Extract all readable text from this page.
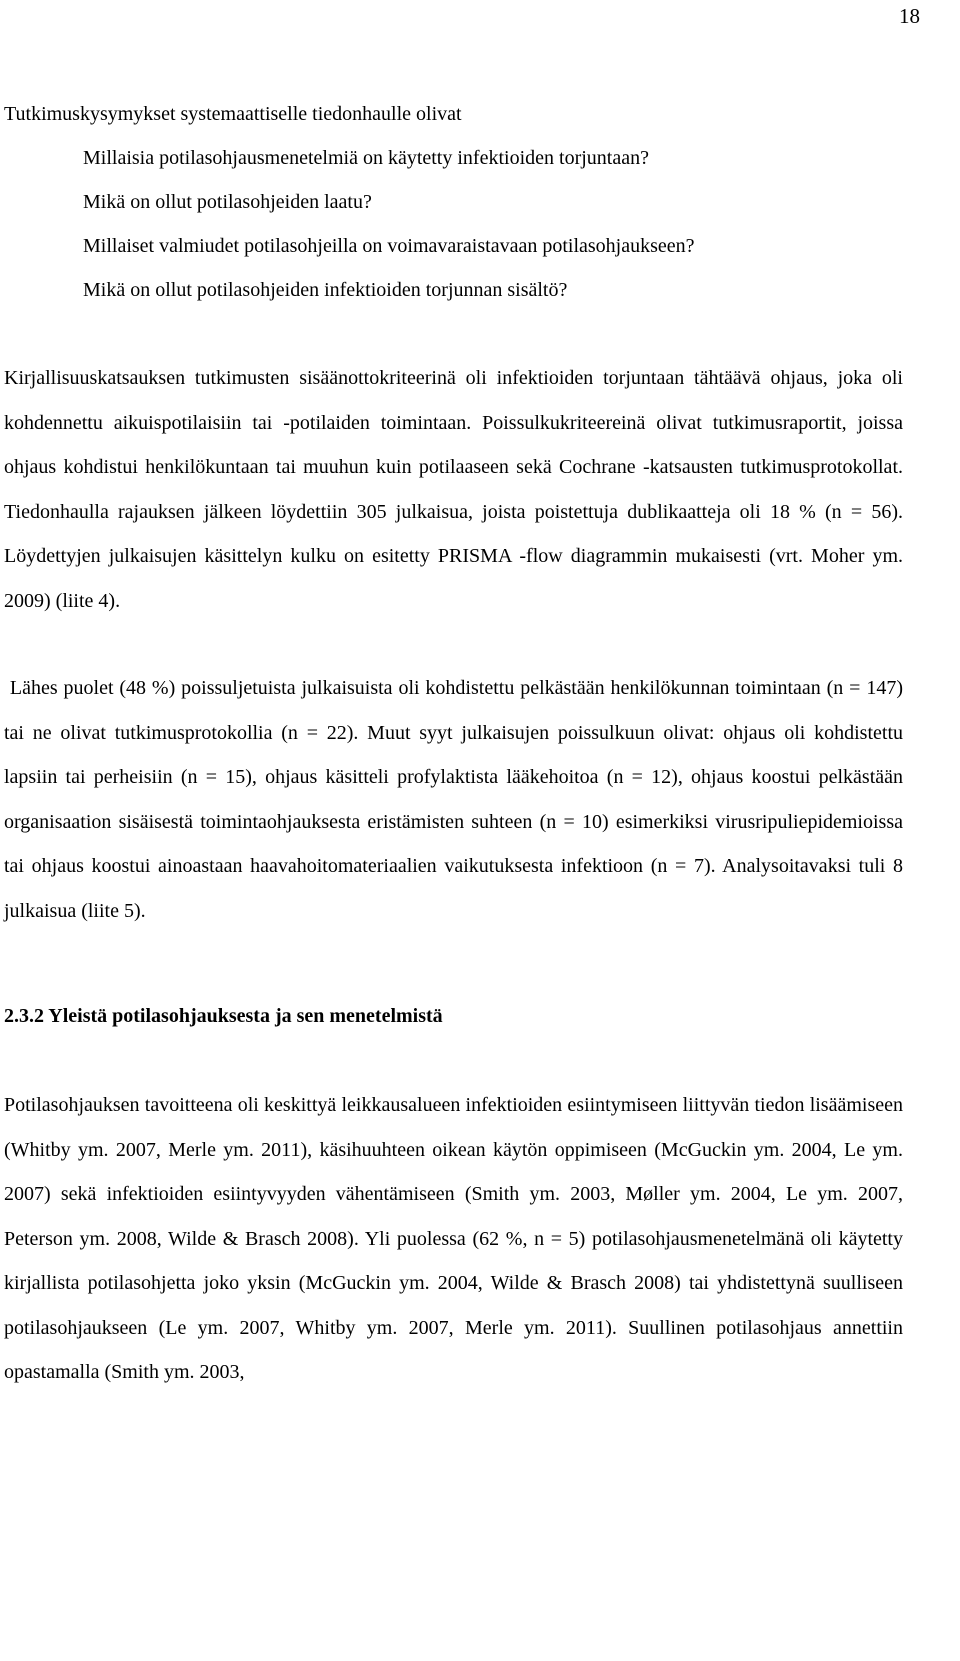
18

Tutkimuskysymykset systemaattiselle tiedonhaulle olivat

Millaisia potilasohjausmenetelmiä on käytetty infektioiden torjuntaan?
Mikä on ollut potilasohjeiden laatu?
Millaiset valmiudet potilasohjeilla on voimavaraistavaan potilasohjaukseen?
Mikä on ollut potilasohjeiden infektioiden torjunnan sisältö?

Kirjallisuuskatsauksen tutkimusten sisäänottokriteerinä oli infektioiden torjuntaan tähtäävä ohjaus, joka oli kohdennettu aikuispotilaisiin tai -potilaiden toimintaan. Poissulkukriteereinä olivat tutkimusraportit, joissa ohjaus kohdistui henkilökuntaan tai muuhun kuin potilaaseen sekä Cochrane -katsausten tutkimusprotokollat. Tiedonhaulla rajauksen jälkeen löydettiin 305 julkaisua, joista poistettuja dublikaatteja oli 18 % (n = 56). Löydettyjen julkaisujen käsittelyn kulku on esitetty PRISMA -flow diagrammin mukaisesti (vrt. Moher ym. 2009) (liite 4).

Lähes puolet (48 %) poissuljetuista julkaisuista oli kohdistettu pelkästään henkilökunnan toimintaan (n = 147) tai ne olivat tutkimusprotokollia (n = 22). Muut syyt julkaisujen poissulkuun olivat: ohjaus oli kohdistettu lapsiin tai perheisiin (n = 15), ohjaus käsitteli profylaktista lääkehoitoa (n = 12), ohjaus koostui pelkästään organisaation sisäisestä toimintaohjauksesta eristämisten suhteen (n = 10) esimerkiksi virusripuliepidemioissa tai ohjaus koostui ainoastaan haavahoitomateriaalien vaikutuksesta infektioon (n = 7). Analysoitavaksi tuli 8 julkaisua (liite 5).

2.3.2 Yleistä potilasohjauksesta ja sen menetelmistä

Potilasohjauksen tavoitteena oli keskittyä leikkausalueen infektioiden esiintymiseen liittyvän tiedon lisäämiseen (Whitby ym. 2007, Merle ym. 2011), käsihuuhteen oikean käytön oppimiseen (McGuckin ym. 2004, Le ym. 2007) sekä infektioiden esiintyvyyden vähentämiseen (Smith ym. 2003, Møller ym. 2004, Le ym. 2007, Peterson ym. 2008, Wilde & Brasch 2008). Yli puolessa (62 %, n = 5) potilasohjausmenetelmänä oli käytetty kirjallista potilasohjetta joko yksin (McGuckin ym. 2004, Wilde & Brasch 2008) tai yhdistettynä suulliseen potilasohjaukseen (Le ym. 2007, Whitby ym. 2007, Merle ym. 2011). Suullinen potilasohjaus annettiin opastamalla (Smith ym. 2003,
